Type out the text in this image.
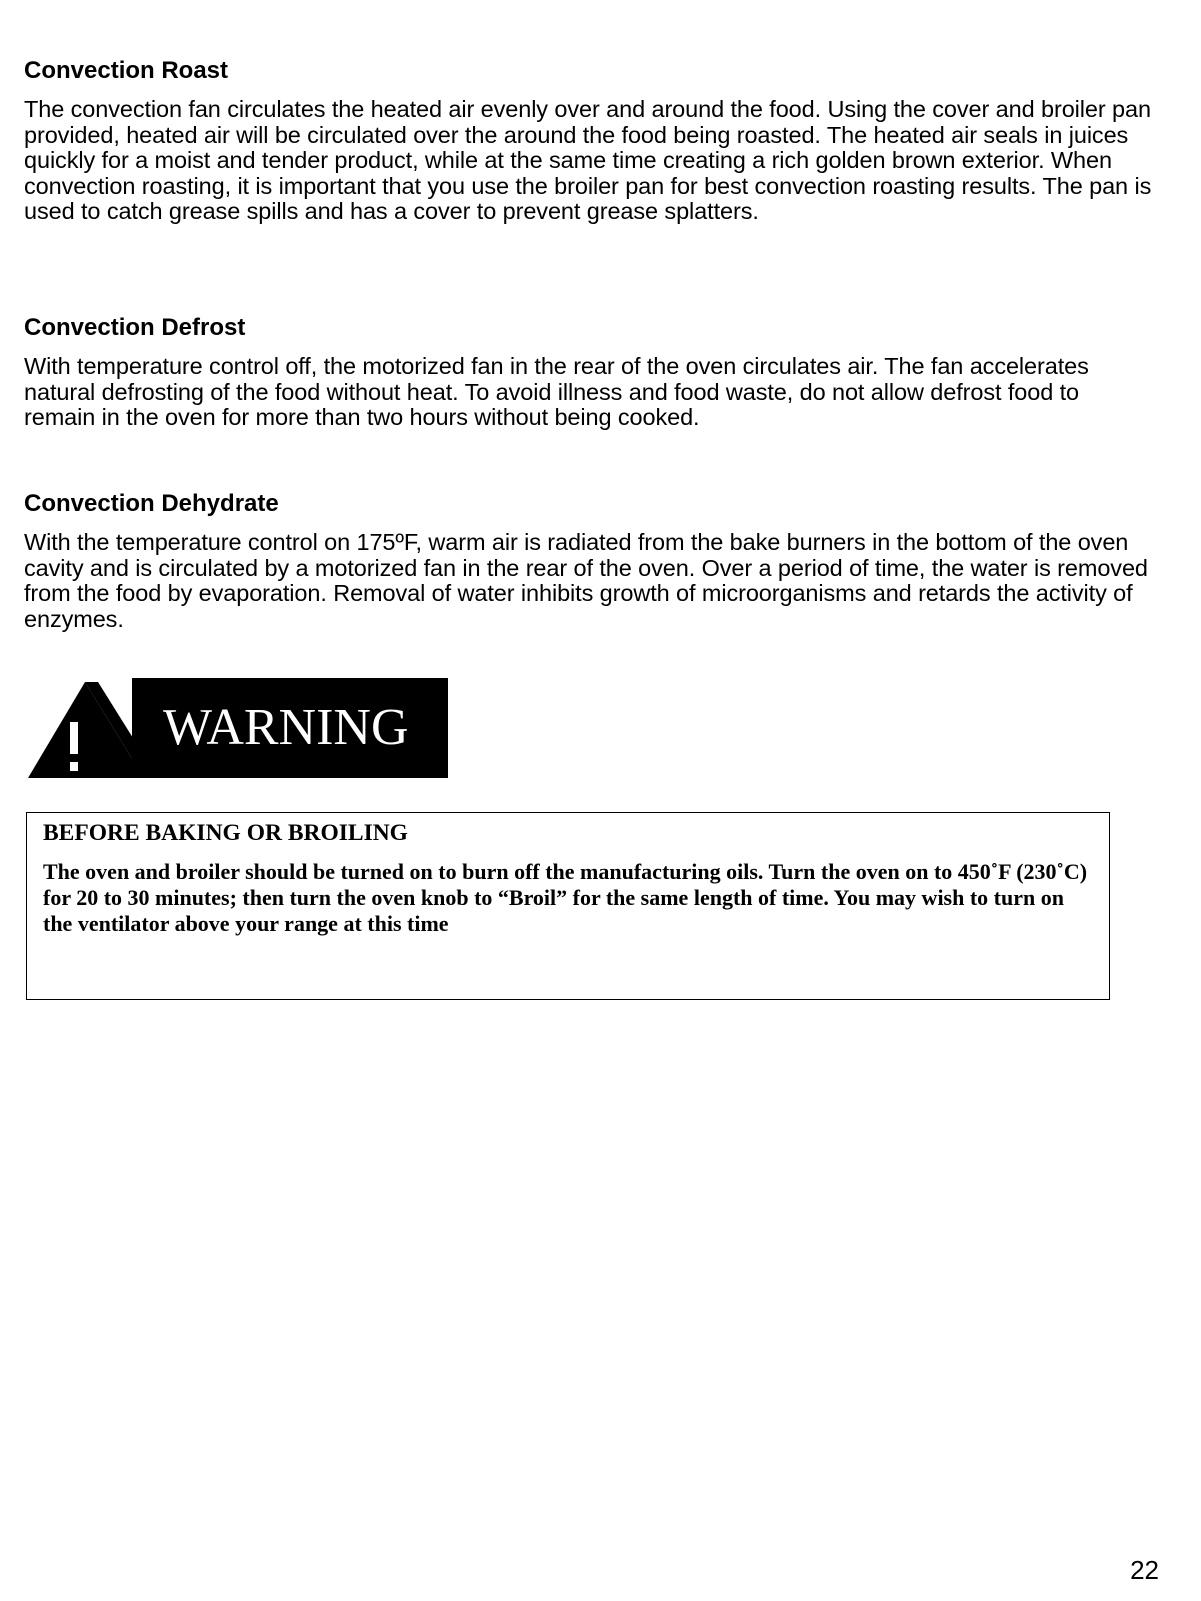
Convection Roast

The convection fan circulates the heated air evenly over and around the food. Using the cover and broiler pan provided, heated air will be circulated over the around the food being roasted. The heated air seals in juices quickly for a moist and tender product, while at the same time creating a rich golden brown exterior. When convection roasting, it is important that you use the broiler pan for best convection roasting results. The pan is used to catch grease spills and has a cover to prevent grease splatters.

Convection Defrost

With temperature control off, the motorized fan in the rear of the oven circulates air. The fan accelerates natural defrosting of the food without heat. To avoid illness and food waste, do not allow defrost food to remain in the oven for more than two hours without being cooked.

Convection Dehydrate

With the temperature control on 175ºF, warm air is radiated from the bake burners in the bottom of the oven cavity and is circulated by a motorized fan in the rear of the oven. Over a period of time, the water is removed from the food by evaporation. Removal of water inhibits growth of microorganisms and retards the activity of enzymes.

WARNING
BEFORE BAKING OR BROILING

The oven and broiler should be turned on to burn off the manufacturing oils. Turn the oven on to 450˚F (230˚C) for 20 to 30 minutes; then turn the oven knob to “Broil” for the same length of time. You may wish to turn on the ventilator above your range at this time

22
